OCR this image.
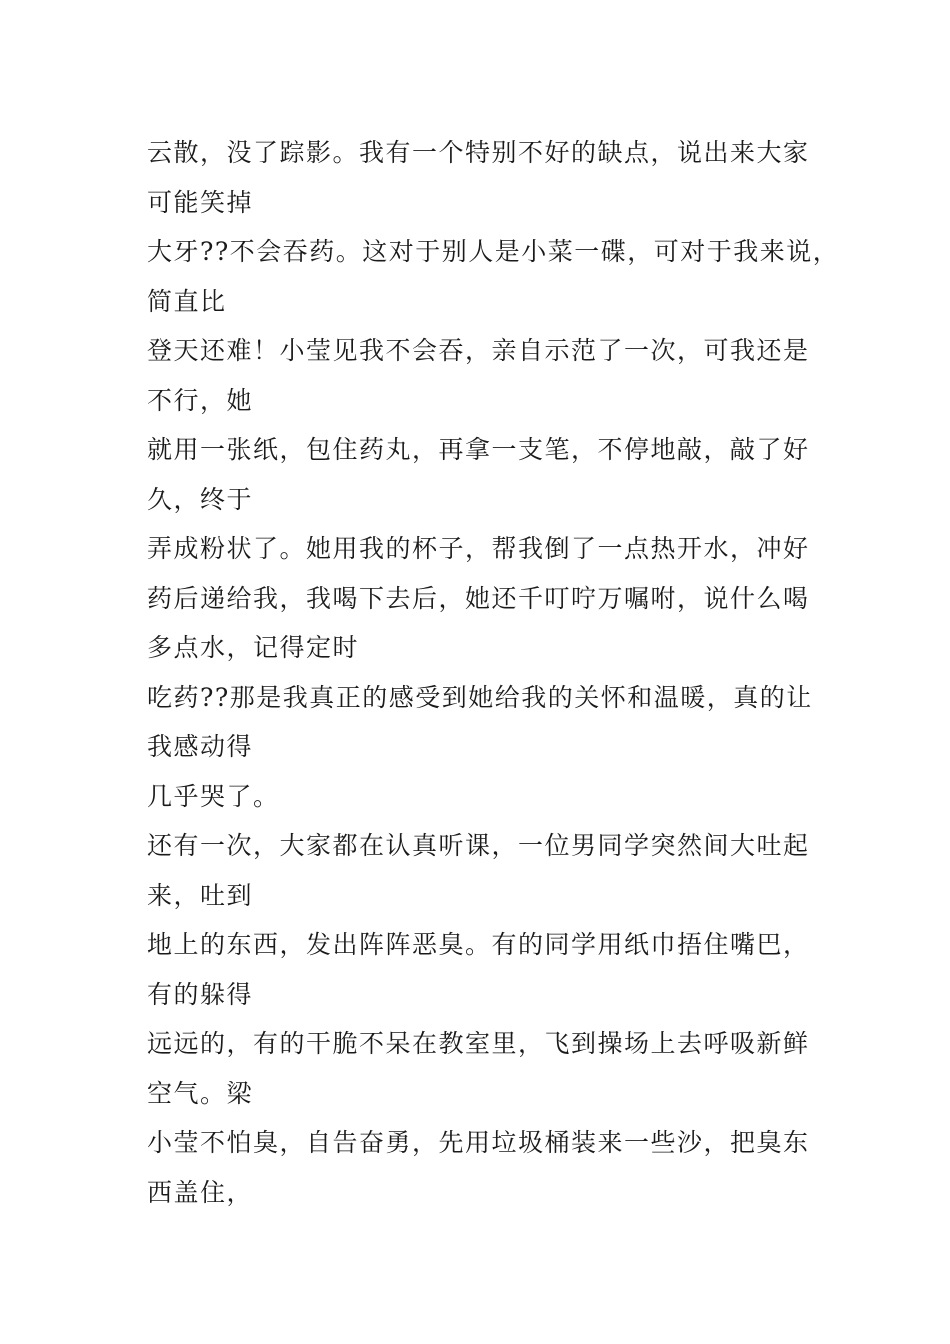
云散，没了踪影。我有一个特别不好的缺点，说出来大家
可能笑掉
大牙??不会吞药。这对于别人是小菜一碟，可对于我来说，
简直比
登天还难！小莹见我不会吞，亲自示范了一次，可我还是
不行，她
就用一张纸，包住药丸，再拿一支笔，不停地敲，敲了好
久，终于
弄成粉状了。她用我的杯子，帮我倒了一点热开水，冲好
药后递给我，我喝下去后，她还千叮咛万嘱咐，说什么喝
多点水，记得定时
吃药??那是我真正的感受到她给我的关怀和温暖，真的让
我感动得
几乎哭了。
还有一次，大家都在认真听课，一位男同学突然间大吐起
来，吐到
地上的东西，发出阵阵恶臭。有的同学用纸巾捂住嘴巴，
有的躲得
远远的，有的干脆不呆在教室里，飞到操场上去呼吸新鲜
空气。梁
小莹不怕臭，自告奋勇，先用垃圾桶装来一些沙，把臭东
西盖住，
